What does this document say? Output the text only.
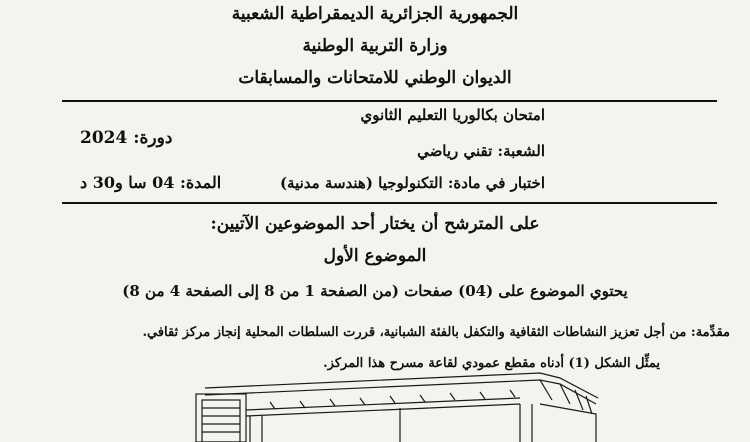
الجمهورية الجزائرية الديمقراطية الشعبية
وزارة التربية الوطنية
الديوان الوطني للامتحانات والمسابقات
امتحان بكالوريا التعليم الثانوي
دورة: 2024
الشعبة: تقني رياضي
اختبار في مادة: التكنولوجيا (هندسة مدنية)
المدة: 04 سا و30 د
على المترشح أن يختار أحد الموضوعين الآتيين:
الموضوع الأول
يحتوي الموضوع على (04) صفحات (من الصفحة 1 من 8 إلى الصفحة 4 من 8)
مقدِّمة: من أجل تعزيز النشاطات الثقافية والتكفل بالفئة الشبانية، قررت السلطات المحلية إنجاز مركز ثقافي.
يمثِّل الشكل (1) أدناه مقطع عمودي لقاعة مسرح هذا المركز.
